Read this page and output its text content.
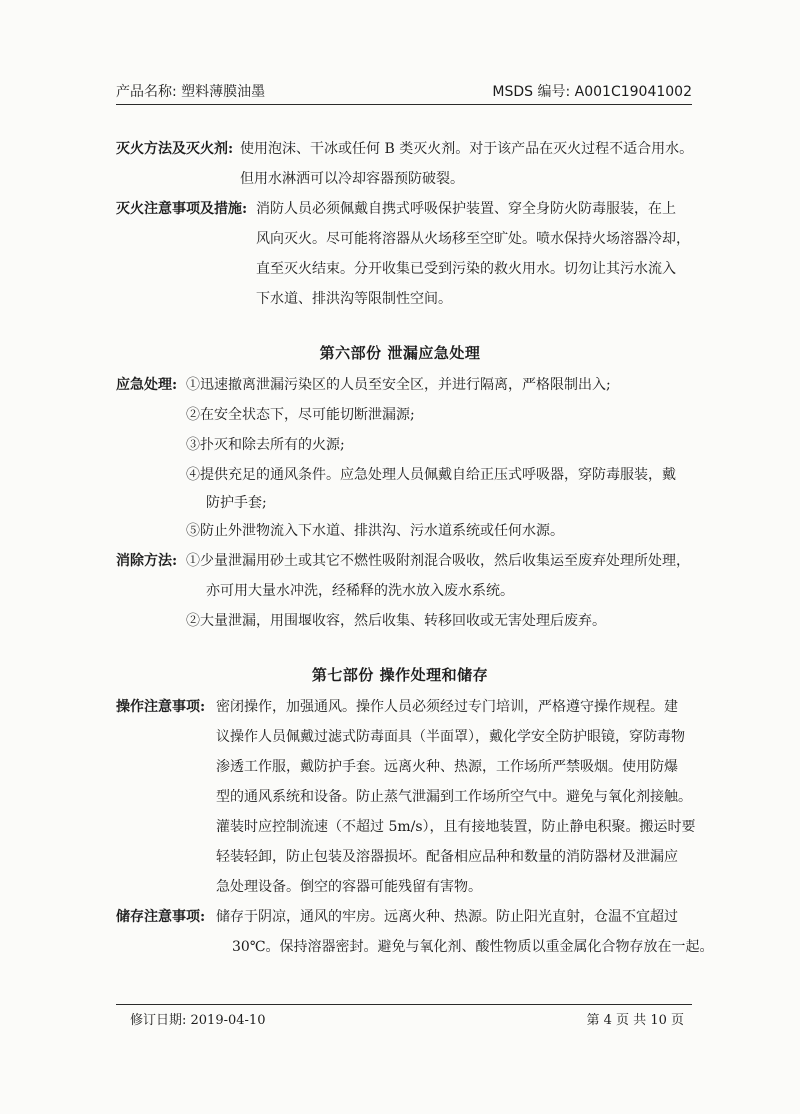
产品名称: 塑料薄膜油墨	MSDS 编号: A001C19041002
灭火方法及灭火剂: 使用泡沫、干冰或任何 B 类灭火剂。对于该产品在灭火过程不适合用水。
但用水淋洒可以冷却容器预防破裂。
灭火注意事项及措施: 消防人员必须佩戴自携式呼吸保护装置、穿全身防火防毒服装，在上
风向灭火。尽可能将溶器从火场移至空旷处。喷水保持火场溶器冷却，
直至灭火结束。分开收集已受到污染的救火用水。切勿让其污水流入
下水道、排洪沟等限制性空间。
第六部份 泄漏应急处理
应急处理: ①迅速撤离泄漏污染区的人员至安全区，并进行隔离，严格限制出入;
②在安全状态下，尽可能切断泄漏源;
③扑灭和除去所有的火源;
④提供充足的通风条件。应急处理人员佩戴自给正压式呼吸器，穿防毒服装，戴
防护手套;
⑤防止外泄物流入下水道、排洪沟、污水道系统或任何水源。
消除方法: ①少量泄漏用砂土或其它不燃性吸附剂混合吸收，然后收集运至废弃处理所处理，
亦可用大量水冲洗，经稀释的洗水放入废水系统。
②大量泄漏，用围堰收容，然后收集、转移回收或无害处理后废弃。
第七部份 操作处理和储存
操作注意事项: 密闭操作，加强通风。操作人员必须经过专门培训，严格遵守操作规程。建
议操作人员佩戴过滤式防毒面具（半面罩），戴化学安全防护眼镜，穿防毒物
渗透工作服，戴防护手套。远离火种、热源，工作场所严禁吸烟。使用防爆
型的通风系统和设备。防止蒸气泄漏到工作场所空气中。避免与氧化剂接触。
灌装时应控制流速（不超过 5m/s），且有接地装置，防止静电积聚。搬运时要
轻装轻卸，防止包装及溶器损坏。配备相应品种和数量的消防器材及泄漏应
急处理设备。倒空的容器可能残留有害物。
储存注意事项: 储存于阴凉，通风的牢房。远离火种、热源。防止阳光直射，仓温不宜超过
30℃。保持溶器密封。避免与氧化剂、酸性物质以重金属化合物存放在一起。
修订日期: 2019-04-10	第 4 页 共 10 页
